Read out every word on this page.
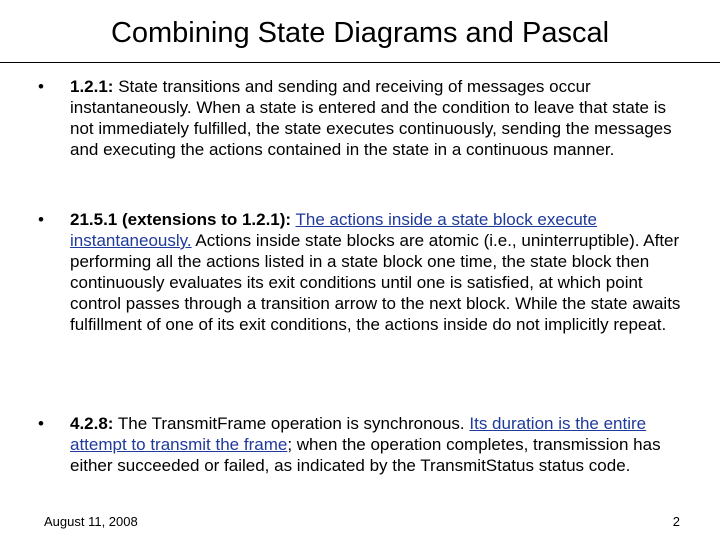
Combining State Diagrams and Pascal
• 1.2.1: State transitions and sending and receiving of messages occur instantaneously. When a state is entered and the condition to leave that state is not immediately fulfilled, the state executes continuously, sending the messages and executing the actions contained in the state in a continuous manner.
• 21.5.1 (extensions to 1.2.1): The actions inside a state block execute instantaneously. Actions inside state blocks are atomic (i.e., uninterruptible). After performing all the actions listed in a state block one time, the state block then continuously evaluates its exit conditions until one is satisfied, at which point control passes through a transition arrow to the next block. While the state awaits fulfillment of one of its exit conditions, the actions inside do not implicitly repeat.
• 4.2.8: The TransmitFrame operation is synchronous. Its duration is the entire attempt to transmit the frame; when the operation completes, transmission has either succeeded or failed, as indicated by the TransmitStatus status code.
August 11, 2008	2
